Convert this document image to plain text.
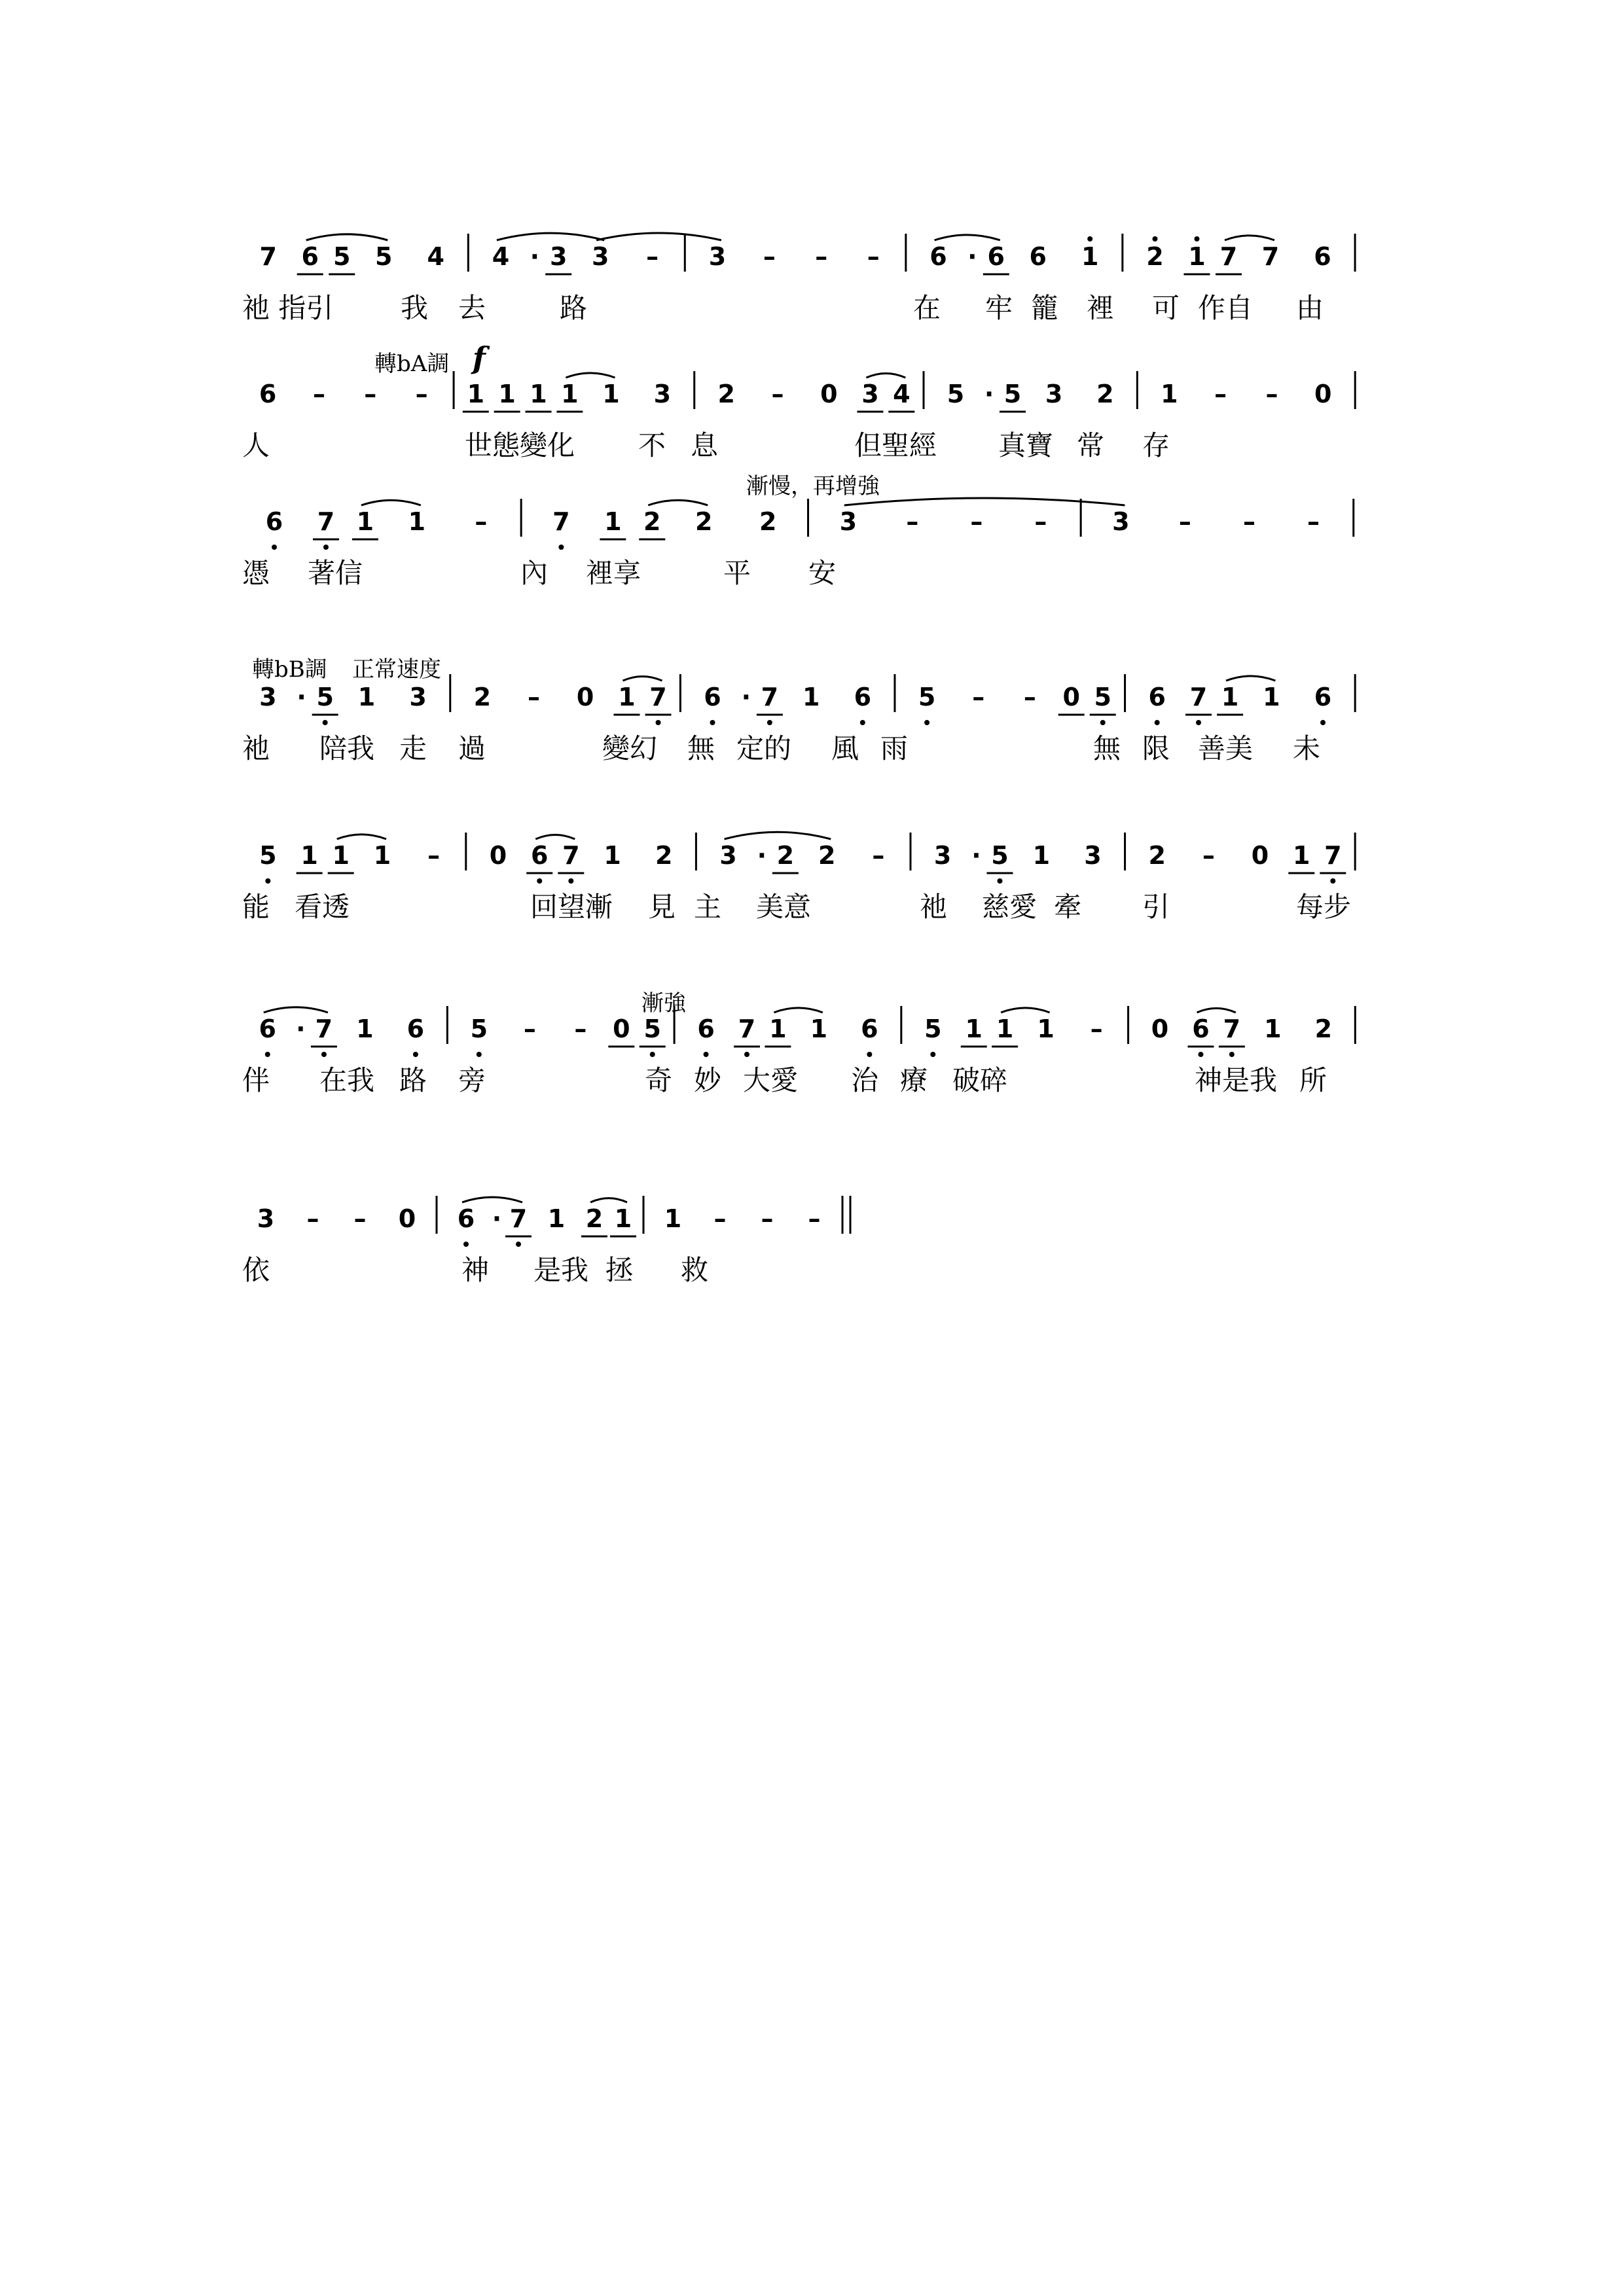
轉bA調 f
漸慢，再增強
轉bB調 正常速度
漸強
7 6 5 5 4 4 · 3 3 – 3 – – – 6 · 6 6 1 2 1 7 7 6
祂 指引 我 去	路	在 牢 籠 裡 可 作自 由
6 – – – 1 1 1 1 1 3 2 – 0 3 4 5 · 5 3 2 1 – – 0
人	世態變化 不 息	但聖經 真寶 常 存
6 7 1 1 –	7 1 2 2 2	3 – – –	3 – – –
憑 著信	內 裡享	平 安
3 · 5 1 3 2 – 0 1 7 6 · 7 1 6 5 – – 0 5 6 7 1 1 6
祂 陪我 走 過	變幻 無 定的 風 雨	無 限 善美 未
5 1 1 1 – 0 6 7 1 2 3 · 2 2 – 3 · 5 1 3 2 – 0 1 7
能 看透	回望漸 見 主 美意	祂 慈愛 牽 引	每步
6 · 7 1 6 5 – – 0 5 6 7 1 1 6 5 1 1 1 – 0 6 7 1 2
伴 在我 路 旁	奇 妙 大愛 治 療 破碎	神是我 所
3 – – 0 6 · 7 1 2 1 1 – – –
依	神 是我 拯 救
